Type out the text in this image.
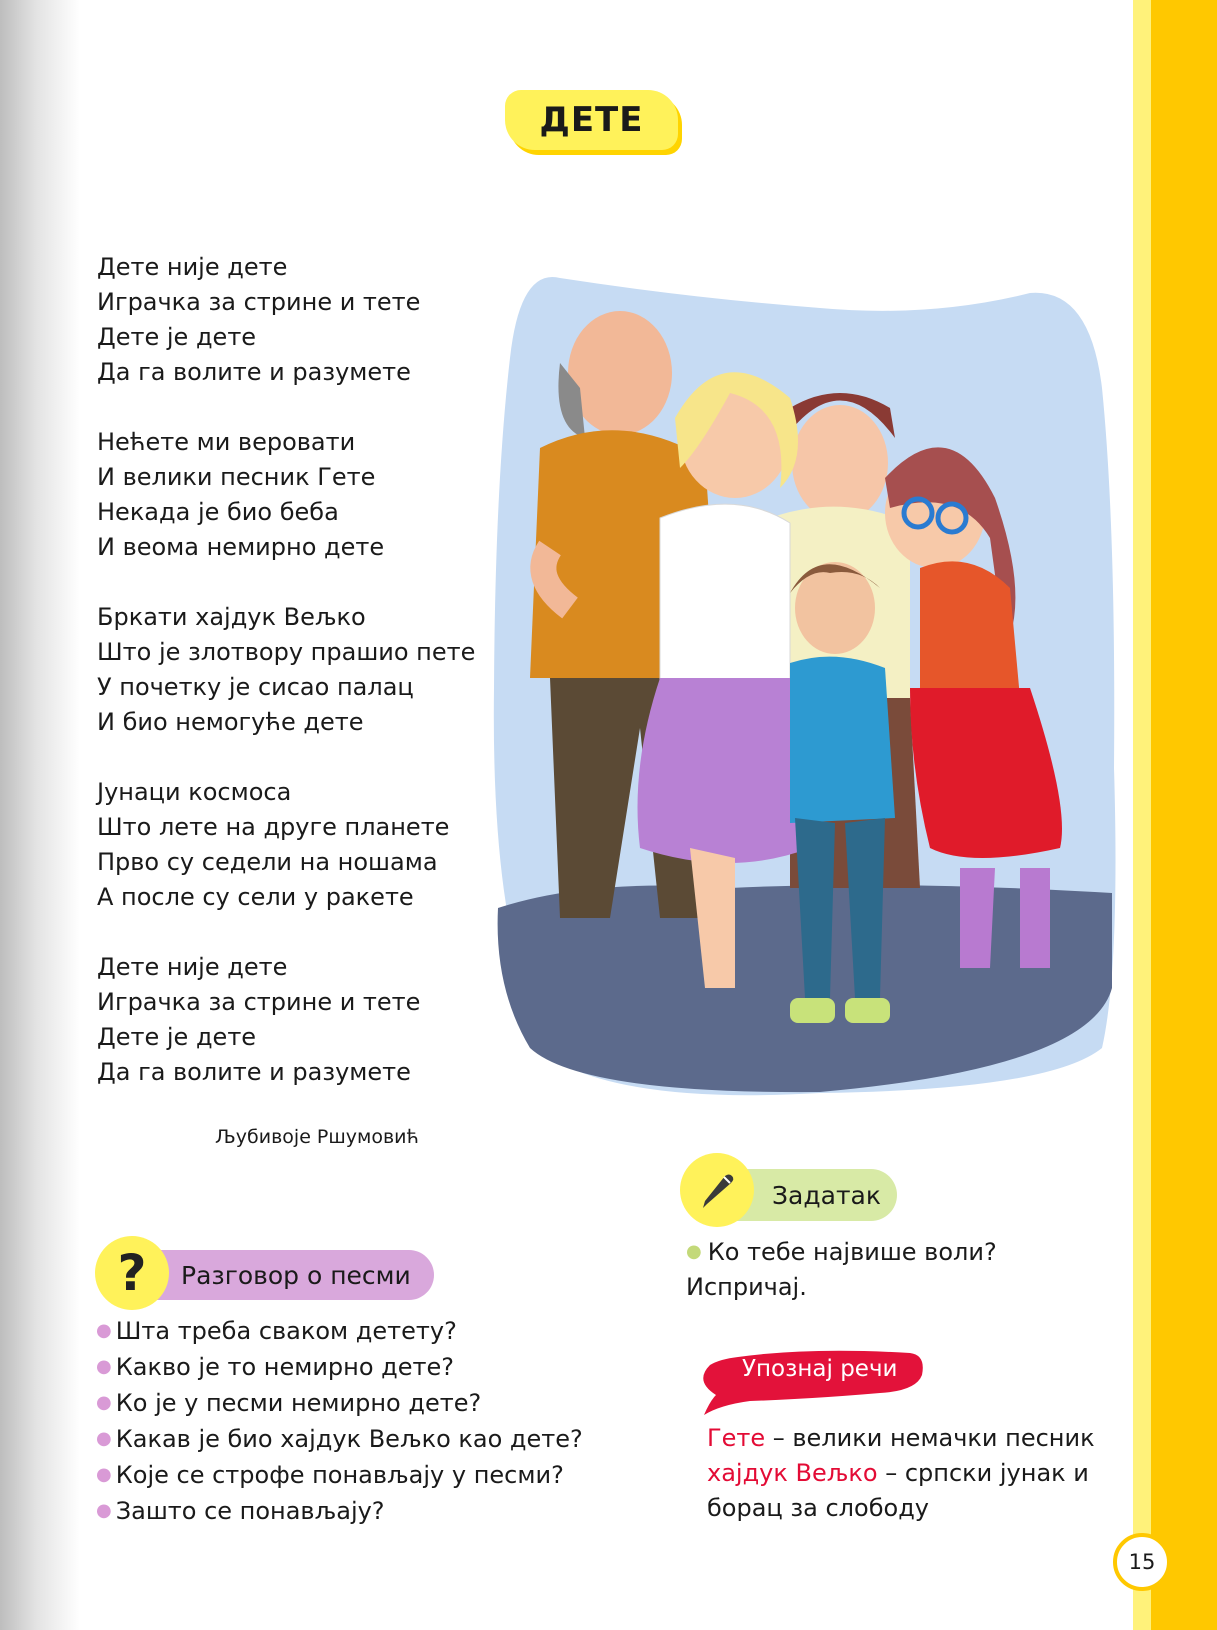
ДЕТЕ
Дете није дете
Играчка за стрине и тете
Дете је дете
Да га волите и разумете
Нећете ми веровати
И велики песник Гете
Некада је био беба
И веома немирно дете
Бркати хајдук Вељко
Што је злотвору прашио пете
У почетку је сисао палац
И био немогуће дете
Јунаци космоса
Што лете на друге планете
Прво су седели на ношама
А после су сели у ракете
Дете није дете
Играчка за стрине и тете
Дете је дете
Да га волите и разумете
Љубивоје Ршумовић
? Разговор о песми
● Шта треба сваком детету?
● Какво је то немирно дете?
● Ко је у песми немирно дете?
● Какав је био хајдук Вељко као дете?
● Које се строфе понављају у песми?
● Зашто се понављају?
Задатак
● Ко тебе највише воли?
Испричај.
Упознај речи
Гете – велики немачки песник
хајдук Вељко – српски јунак и
борац за слободу
15
